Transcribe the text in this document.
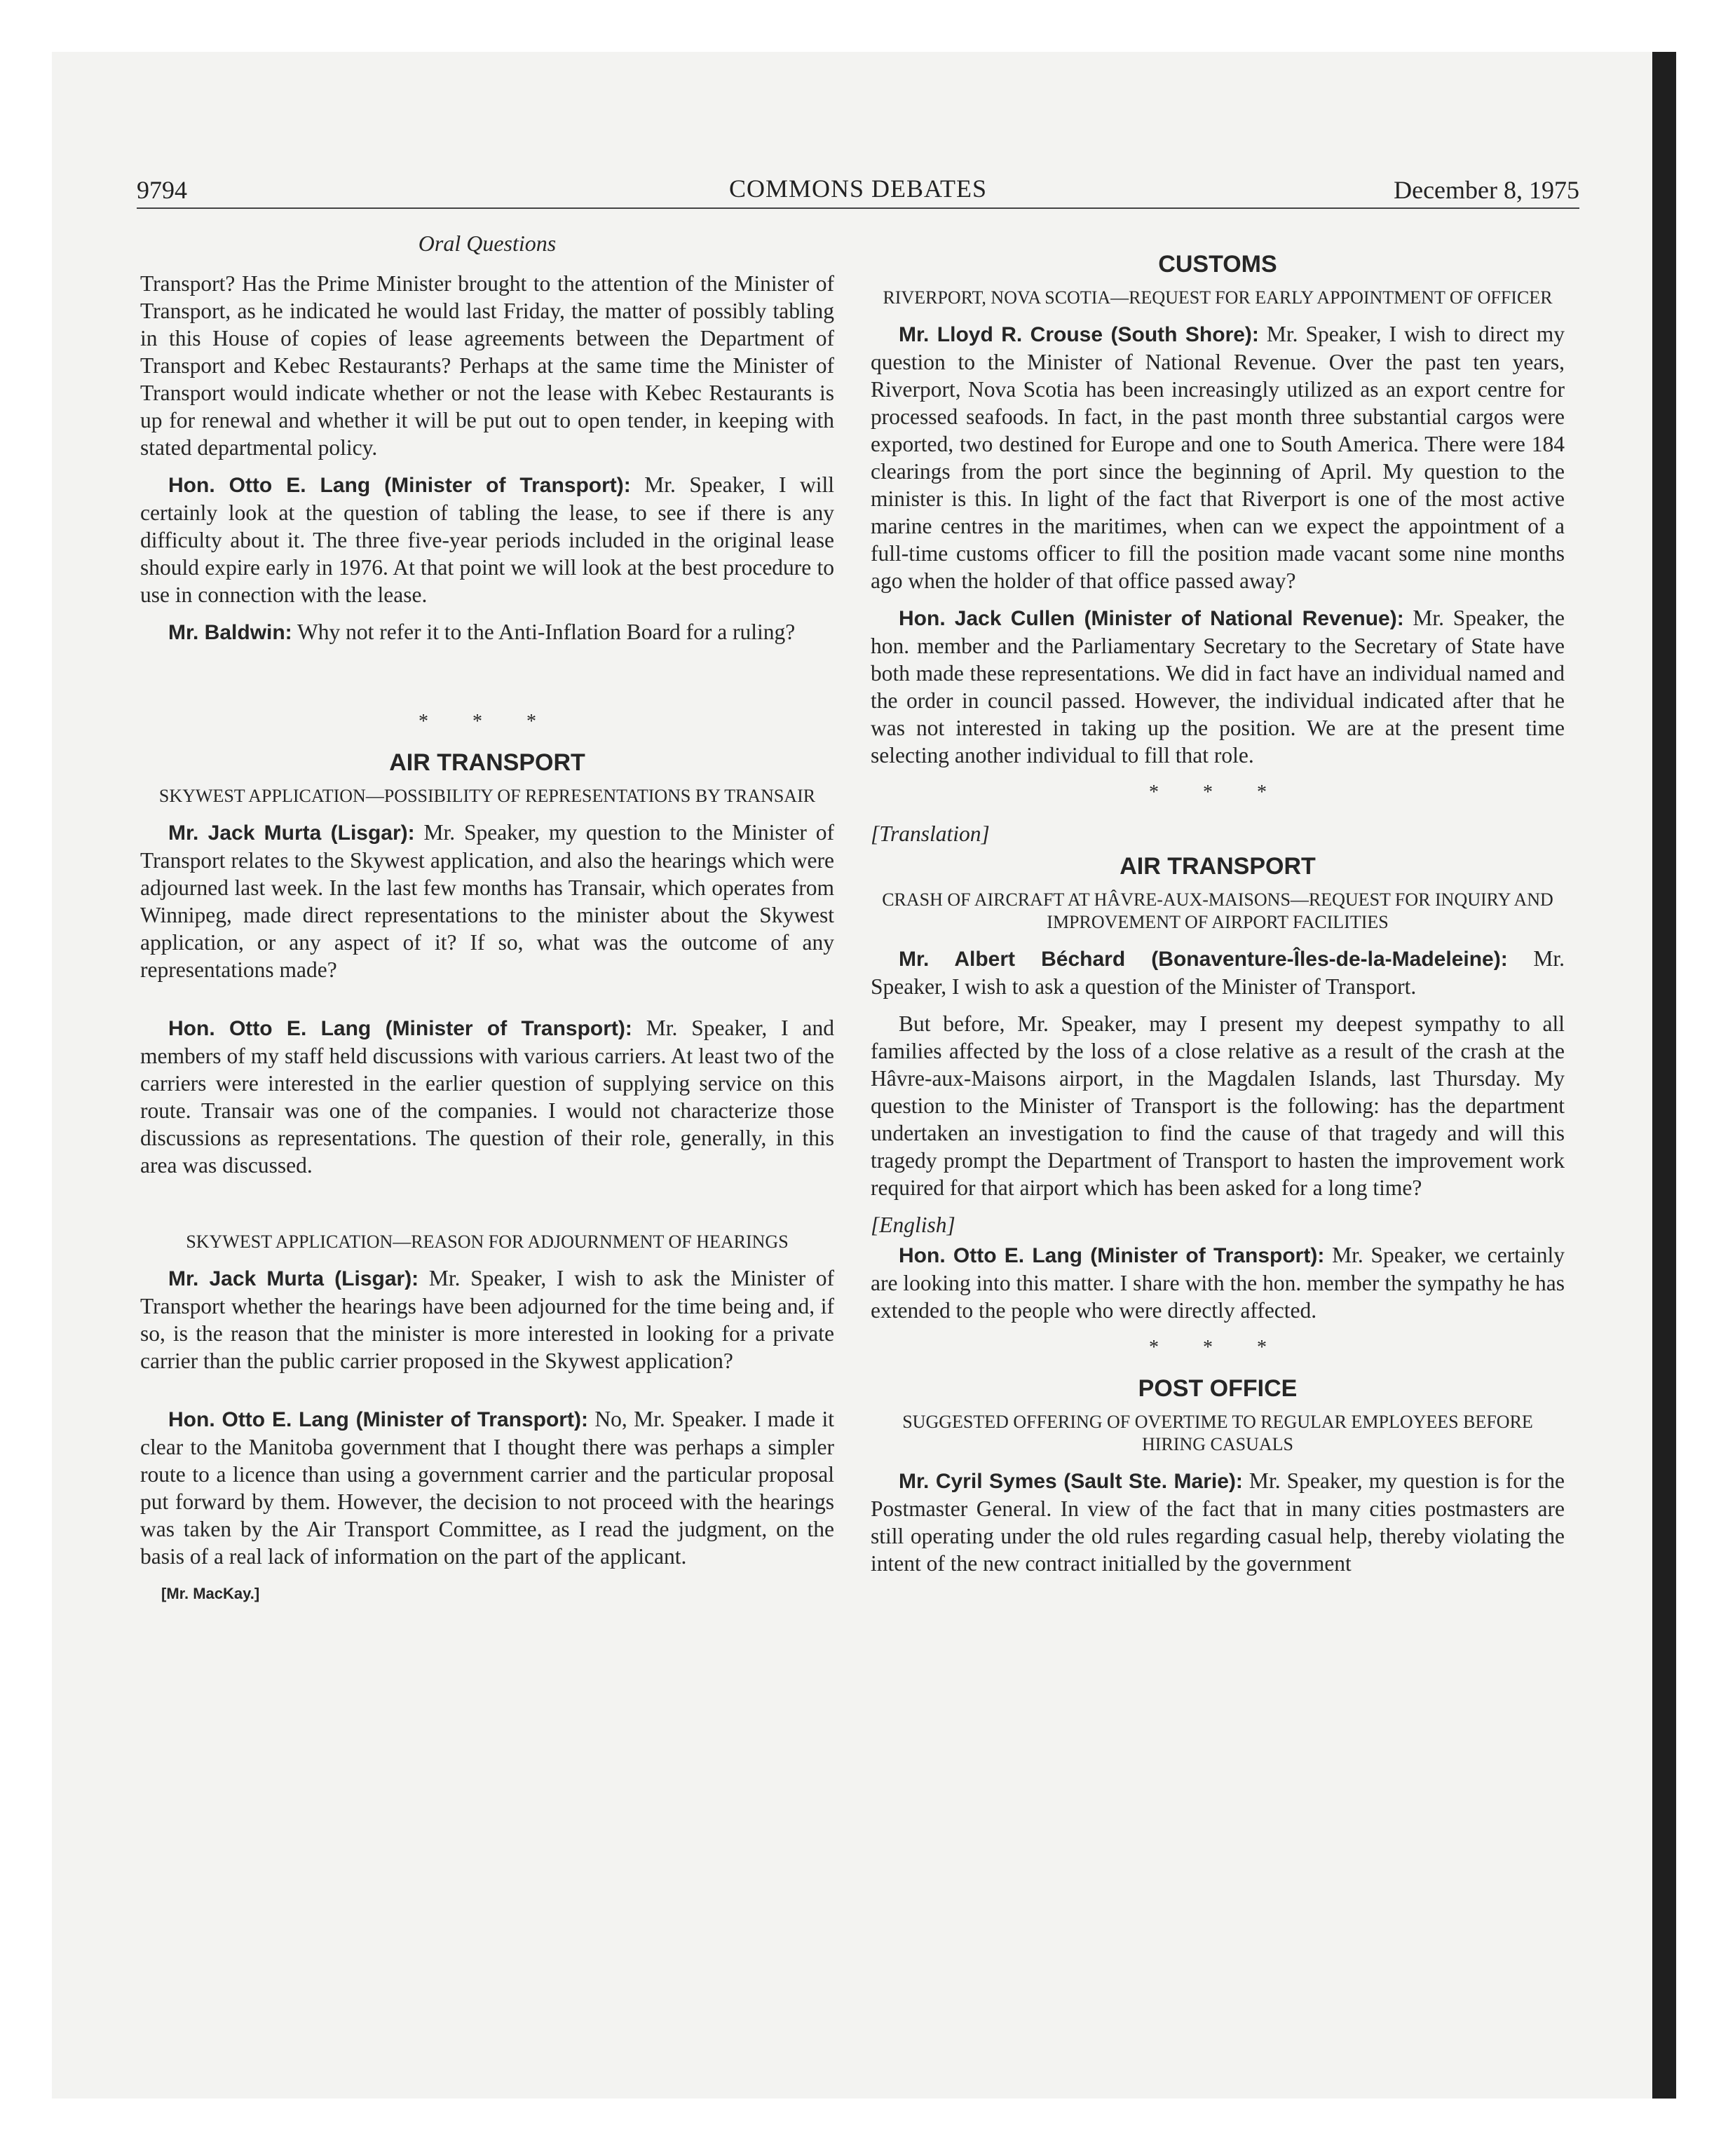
9794	COMMONS DEBATES	December 8, 1975
Oral Questions

Transport? Has the Prime Minister brought to the attention of the Minister of Transport, as he indicated he would last Friday, the matter of possibly tabling in this House of copies of lease agreements between the Department of Transport and Kebec Restaurants? Perhaps at the same time the Minister of Transport would indicate whether or not the lease with Kebec Restaurants is up for renewal and whether it will be put out to open tender, in keeping with stated departmental policy.

Hon. Otto E. Lang (Minister of Transport): Mr. Speaker, I will certainly look at the question of tabling the lease, to see if there is any difficulty about it. The three five-year periods included in the original lease should expire early in 1976. At that point we will look at the best procedure to use in connection with the lease.

Mr. Baldwin: Why not refer it to the Anti-Inflation Board for a ruling?

* * *
AIR TRANSPORT
SKYWEST APPLICATION—POSSIBILITY OF REPRESENTATIONS BY TRANSAIR

Mr. Jack Murta (Lisgar): Mr. Speaker, my question to the Minister of Transport relates to the Skywest application, and also the hearings which were adjourned last week. In the last few months has Transair, which operates from Winnipeg, made direct representations to the minister about the Skywest application, or any aspect of it? If so, what was the outcome of any representations made?

Hon. Otto E. Lang (Minister of Transport): Mr. Speaker, I and members of my staff held discussions with various carriers. At least two of the carriers were interested in the earlier question of supplying service on this route. Transair was one of the companies. I would not characterize those discussions as representations. The question of their role, generally, in this area was discussed.

SKYWEST APPLICATION—REASON FOR ADJOURNMENT OF HEARINGS

Mr. Jack Murta (Lisgar): Mr. Speaker, I wish to ask the Minister of Transport whether the hearings have been adjourned for the time being and, if so, is the reason that the minister is more interested in looking for a private carrier than the public carrier proposed in the Skywest application?

Hon. Otto E. Lang (Minister of Transport): No, Mr. Speaker. I made it clear to the Manitoba government that I thought there was perhaps a simpler route to a licence than using a government carrier and the particular proposal put forward by them. However, the decision to not proceed with the hearings was taken by the Air Transport Committee, as I read the judgment, on the basis of a real lack of information on the part of the applicant.

[Mr. MacKay.]
CUSTOMS
RIVERPORT, NOVA SCOTIA—REQUEST FOR EARLY APPOINTMENT OF OFFICER

Mr. Lloyd R. Crouse (South Shore): Mr. Speaker, I wish to direct my question to the Minister of National Revenue. Over the past ten years, Riverport, Nova Scotia has been increasingly utilized as an export centre for processed seafoods. In fact, in the past month three substantial cargos were exported, two destined for Europe and one to South America. There were 184 clearings from the port since the beginning of April. My question to the minister is this. In light of the fact that Riverport is one of the most active marine centres in the maritimes, when can we expect the appointment of a full-time customs officer to fill the position made vacant some nine months ago when the holder of that office passed away?

Hon. Jack Cullen (Minister of National Revenue): Mr. Speaker, the hon. member and the Parliamentary Secretary to the Secretary of State have both made these representations. We did in fact have an individual named and the order in council passed. However, the individual indicated after that he was not interested in taking up the position. We are at the present time selecting another individual to fill that role.

* * *
[Translation]
AIR TRANSPORT
CRASH OF AIRCRAFT AT HÂVRE-AUX-MAISONS—REQUEST FOR INQUIRY AND IMPROVEMENT OF AIRPORT FACILITIES

Mr. Albert Béchard (Bonaventure-Îles-de-la-Madeleine): Mr. Speaker, I wish to ask a question of the Minister of Transport.

But before, Mr. Speaker, may I present my deepest sympathy to all families affected by the loss of a close relative as a result of the crash at the Hâvre-aux-Maisons airport, in the Magdalen Islands, last Thursday. My question to the Minister of Transport is the following: has the department undertaken an investigation to find the cause of that tragedy and will this tragedy prompt the Department of Transport to hasten the improvement work required for that airport which has been asked for a long time?

[English]

Hon. Otto E. Lang (Minister of Transport): Mr. Speaker, we certainly are looking into this matter. I share with the hon. member the sympathy he has extended to the people who were directly affected.

* * *
POST OFFICE
SUGGESTED OFFERING OF OVERTIME TO REGULAR EMPLOYEES BEFORE HIRING CASUALS

Mr. Cyril Symes (Sault Ste. Marie): Mr. Speaker, my question is for the Postmaster General. In view of the fact that in many cities postmasters are still operating under the old rules regarding casual help, thereby violating the intent of the new contract initialled by the government
